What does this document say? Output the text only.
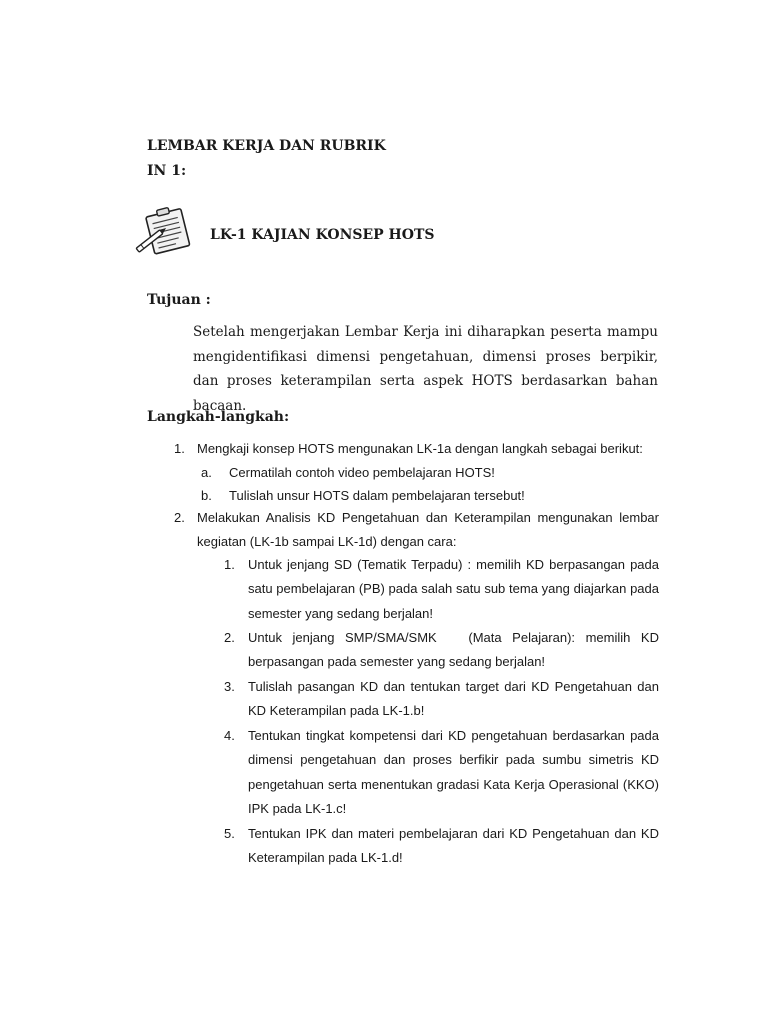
LEMBAR KERJA DAN RUBRIK
IN 1:
LK-1 KAJIAN KONSEP HOTS
Tujuan :
Setelah mengerjakan Lembar Kerja ini diharapkan peserta mampu mengidentifikasi dimensi pengetahuan, dimensi proses berpikir, dan proses keterampilan serta aspek HOTS berdasarkan bahan bacaan.
Langkah-langkah:
1. Mengkaji konsep HOTS mengunakan LK-1a dengan langkah sebagai berikut:
a. Cermatilah contoh video pembelajaran HOTS!
b. Tulislah unsur HOTS dalam pembelajaran tersebut!
2. Melakukan Analisis KD Pengetahuan dan Keterampilan mengunakan lembar kegiatan (LK-1b sampai LK-1d) dengan cara:
1. Untuk jenjang SD (Tematik Terpadu) : memilih KD berpasangan pada satu pembelajaran (PB) pada salah satu sub tema yang diajarkan pada semester yang sedang berjalan!
2. Untuk jenjang SMP/SMA/SMK   (Mata Pelajaran): memilih KD berpasangan pada semester yang sedang berjalan!
3. Tulislah pasangan KD dan tentukan target dari KD Pengetahuan dan KD Keterampilan pada LK-1.b!
4. Tentukan tingkat kompetensi dari KD pengetahuan berdasarkan pada dimensi pengetahuan dan proses berfikir pada sumbu simetris KD pengetahuan serta menentukan gradasi Kata Kerja Operasional (KKO) IPK pada LK-1.c!
5. Tentukan IPK dan materi pembelajaran dari KD Pengetahuan dan KD Keterampilan pada LK-1.d!
